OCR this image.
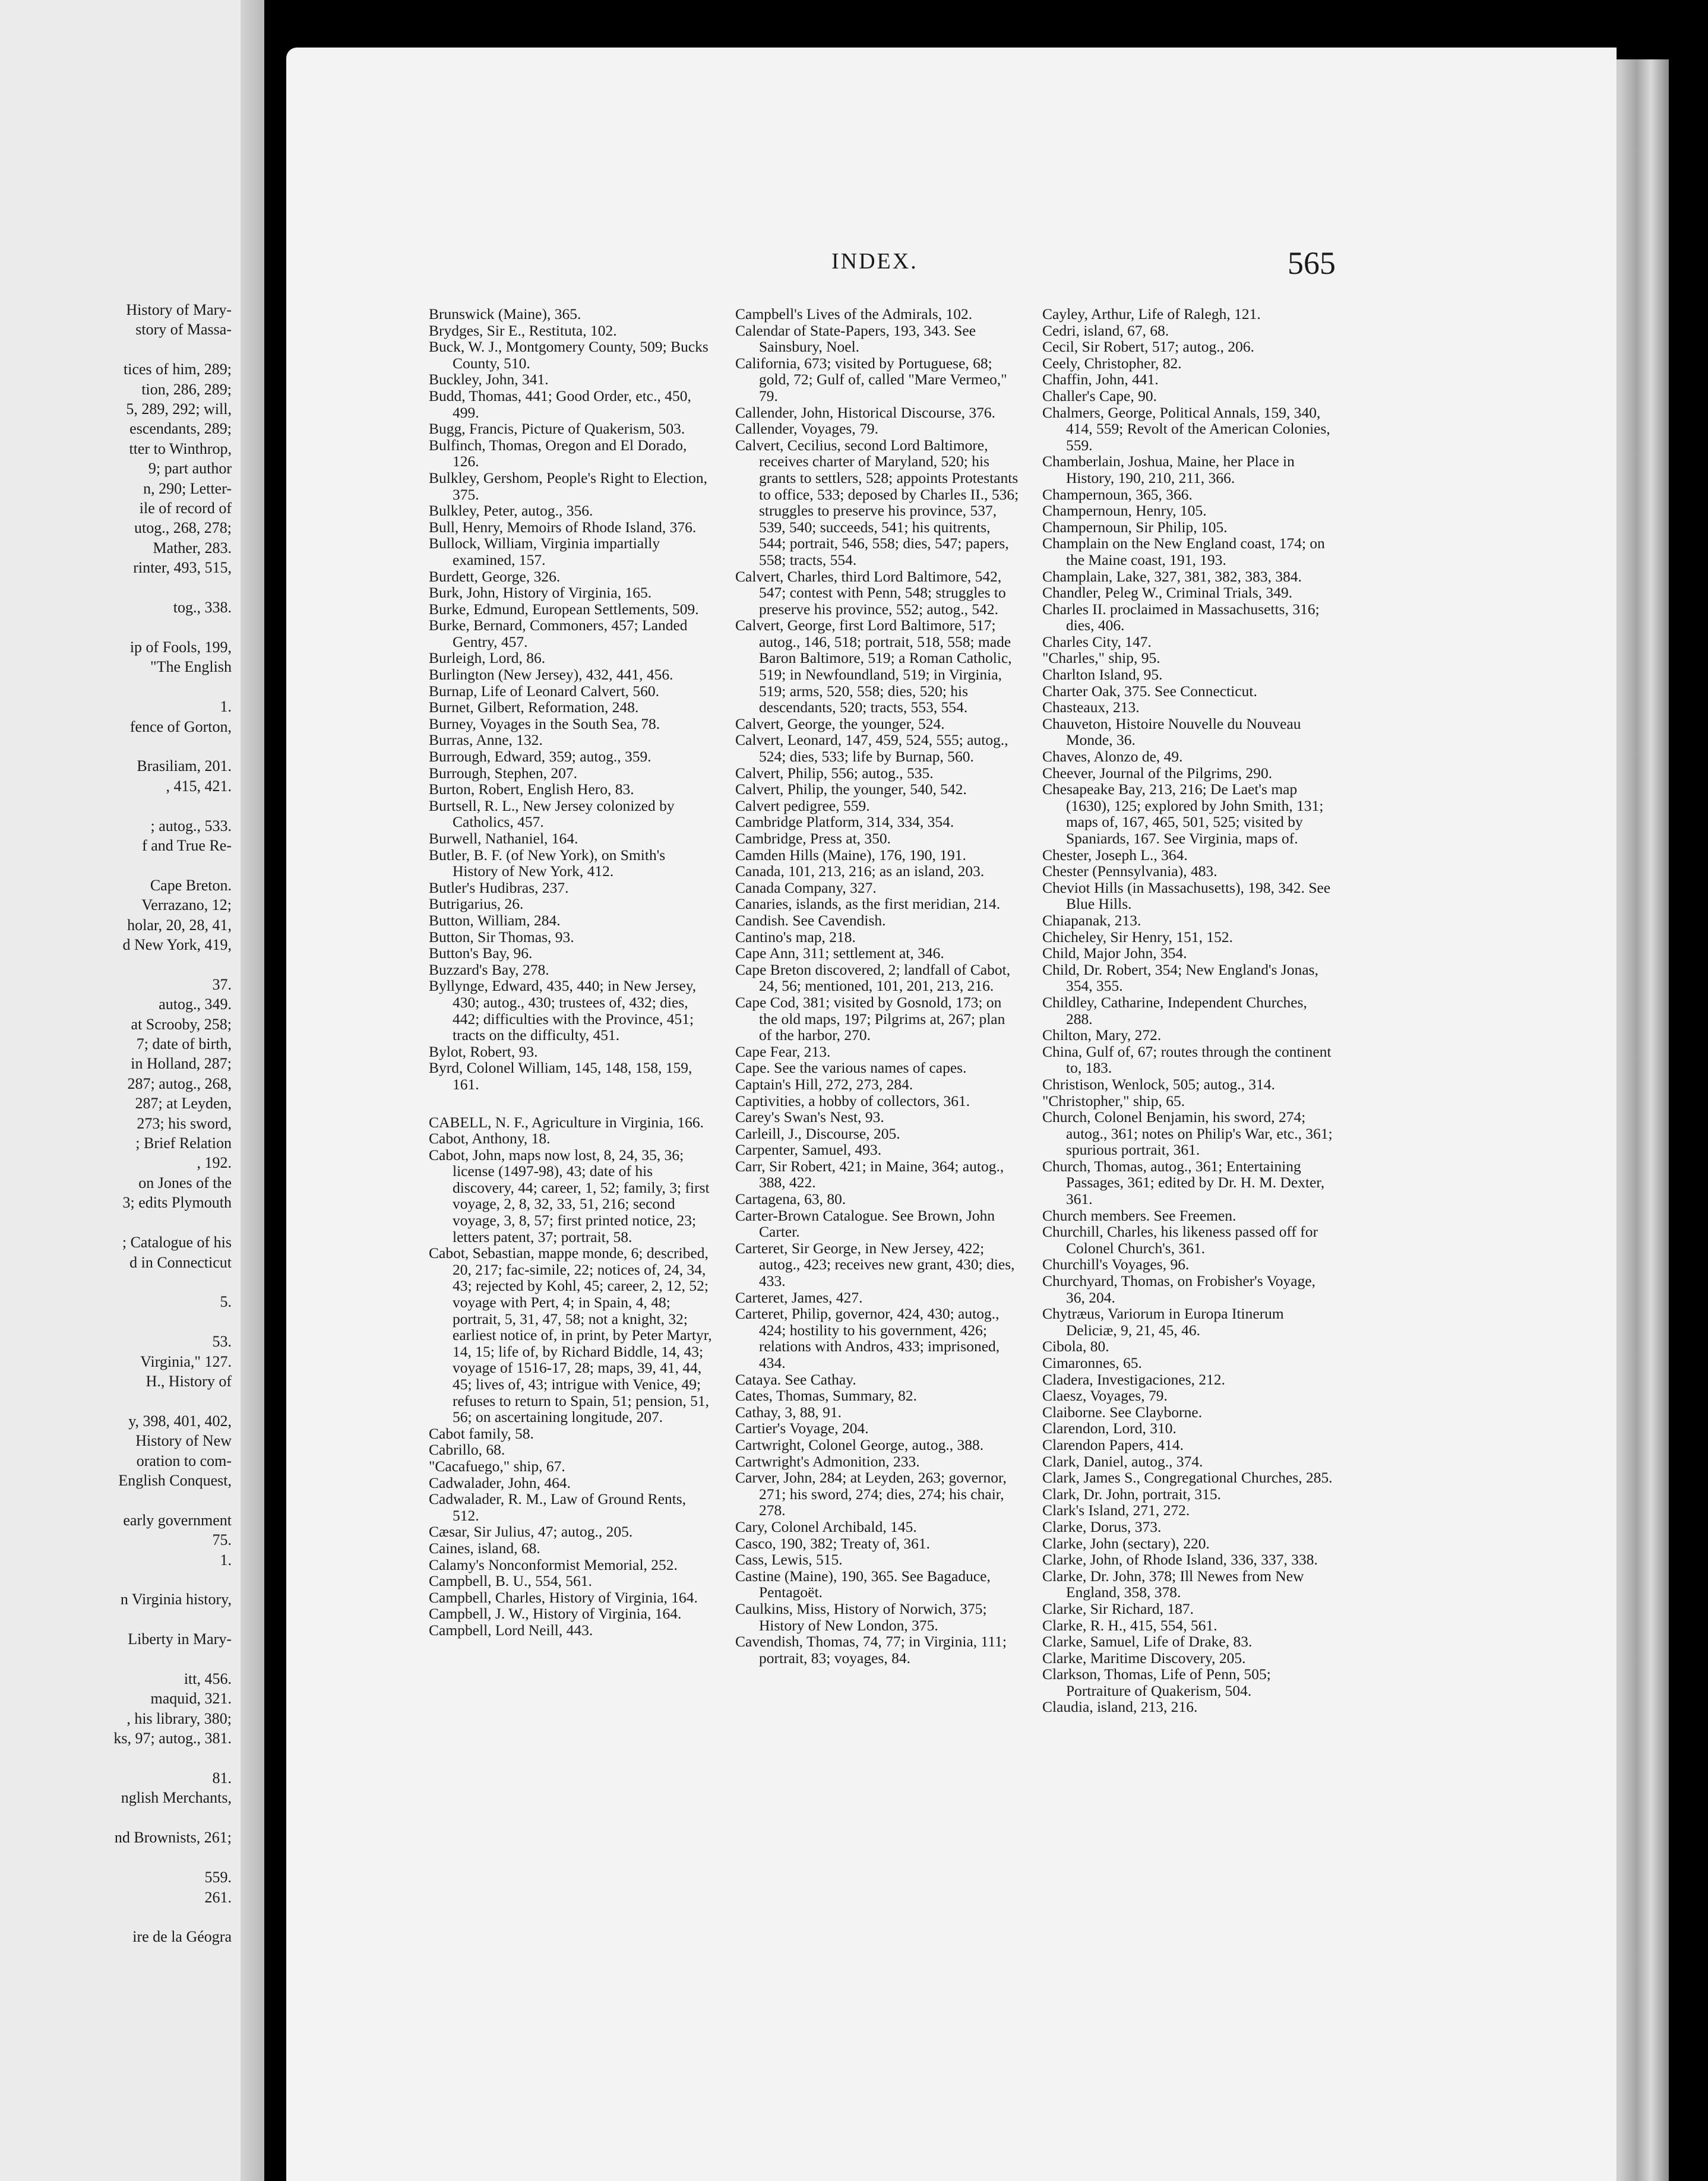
History of Mary-
story of Massa-

tices of him, 289;
tion, 286, 289;
5, 289, 292; will,
escendants, 289;
tter to Winthrop,
9; part author
n, 290; Letter-
ile of record of
utog., 268, 278;
Mather, 283.
rinter, 493, 515,

tog., 338.

ip of Fools, 199,
"The English

1.
fence of Gorton,

Brasiliam, 201.
, 415, 421.

; autog., 533.
f and True Re-

Cape Breton.
Verrazano, 12;
holar, 20, 28, 41,
d New York, 419,

37.
autog., 349.
at Scrooby, 258;
7; date of birth,
in Holland, 287;
287; autog., 268,
287; at Leyden,
273; his sword,
; Brief Relation
, 192.
on Jones of the
3; edits Plymouth

; Catalogue of his
d in Connecticut

5.

53.
Virginia," 127.
H., History of

y, 398, 401, 402,
History of New
oration to com-
English Conquest,

early government
75.
1.

n Virginia history,

Liberty in Mary-

itt, 456.
maquid, 321.
, his library, 380;
ks, 97; autog., 381.

81.
nglish Merchants,

nd Brownists, 261;

559.
261.

ire de la Géogra
INDEX.	565

Brunswick (Maine), 365.

Brydges, Sir E., Restituta, 102.

Buck, W. J., Montgomery County, 509; Bucks County, 510.

Buckley, John, 341.

Budd, Thomas, 441; Good Order, etc., 450, 499.

Bugg, Francis, Picture of Quakerism, 503.

Bulfinch, Thomas, Oregon and El Dorado, 126.

Bulkley, Gershom, People's Right to Election, 375.

Bulkley, Peter, autog., 356.

Bull, Henry, Memoirs of Rhode Island, 376.

Bullock, William, Virginia impartially examined, 157.

Burdett, George, 326.

Burk, John, History of Virginia, 165.

Burke, Edmund, European Settlements, 509.

Burke, Bernard, Commoners, 457; Landed Gentry, 457.

Burleigh, Lord, 86.

Burlington (New Jersey), 432, 441, 456.

Burnap, Life of Leonard Calvert, 560.

Burnet, Gilbert, Reformation, 248.

Burney, Voyages in the South Sea, 78.

Burras, Anne, 132.

Burrough, Edward, 359; autog., 359.

Burrough, Stephen, 207.

Burton, Robert, English Hero, 83.

Burtsell, R. L., New Jersey colonized by Catholics, 457.

Burwell, Nathaniel, 164.

Butler, B. F. (of New York), on Smith's History of New York, 412.

Butler's Hudibras, 237.

Butrigarius, 26.

Button, William, 284.

Button, Sir Thomas, 93.

Button's Bay, 96.

Buzzard's Bay, 278.

Byllynge, Edward, 435, 440; in New Jersey, 430; autog., 430; trustees of, 432; dies, 442; difficulties with the Province, 451; tracts on the difficulty, 451.

Bylot, Robert, 93.

Byrd, Colonel William, 145, 148, 158, 159, 161.

CABELL, N. F., Agriculture in Virginia, 166.

Cabot, Anthony, 18.

Cabot, John, maps now lost, 8, 24, 35, 36; license (1497-98), 43; date of his discovery, 44; career, 1, 52; family, 3; first voyage, 2, 8, 32, 33, 51, 216; second voyage, 3, 8, 57; first printed notice, 23; letters patent, 37; portrait, 58.

Cabot, Sebastian, mappe monde, 6; described, 20, 217; fac-simile, 22; notices of, 24, 34, 43; rejected by Kohl, 45; career, 2, 12, 52; voyage with Pert, 4; in Spain, 4, 48; portrait, 5, 31, 47, 58; not a knight, 32; earliest notice of, in print, by Peter Martyr, 14, 15; life of, by Richard Biddle, 14, 43; voyage of 1516-17, 28; maps, 39, 41, 44, 45; lives of, 43; intrigue with Venice, 49; refuses to return to Spain, 51; pension, 51, 56; on ascertaining longitude, 207.

Cabot family, 58.

Cabrillo, 68.

"Cacafuego," ship, 67.

Cadwalader, John, 464.

Cadwalader, R. M., Law of Ground Rents, 512.

Cæsar, Sir Julius, 47; autog., 205.

Caines, island, 68.

Calamy's Nonconformist Memorial, 252.

Campbell, B. U., 554, 561.

Campbell, Charles, History of Virginia, 164.

Campbell, J. W., History of Virginia, 164.

Campbell, Lord Neill, 443.

Campbell's Lives of the Admirals, 102.

Calendar of State-Papers, 193, 343. See Sainsbury, Noel.

California, 673; visited by Portuguese, 68; gold, 72; Gulf of, called "Mare Vermeo," 79.

Callender, John, Historical Discourse, 376.

Callender, Voyages, 79.

Calvert, Cecilius, second Lord Baltimore, receives charter of Maryland, 520; his grants to settlers, 528; appoints Protestants to office, 533; deposed by Charles II., 536; struggles to preserve his province, 537, 539, 540; succeeds, 541; his quitrents, 544; portrait, 546, 558; dies, 547; papers, 558; tracts, 554.

Calvert, Charles, third Lord Baltimore, 542, 547; contest with Penn, 548; struggles to preserve his province, 552; autog., 542.

Calvert, George, first Lord Baltimore, 517; autog., 146, 518; portrait, 518, 558; made Baron Baltimore, 519; a Roman Catholic, 519; in Newfoundland, 519; in Virginia, 519; arms, 520, 558; dies, 520; his descendants, 520; tracts, 553, 554.

Calvert, George, the younger, 524.

Calvert, Leonard, 147, 459, 524, 555; autog., 524; dies, 533; life by Burnap, 560.

Calvert, Philip, 556; autog., 535.

Calvert, Philip, the younger, 540, 542.

Calvert pedigree, 559.

Cambridge Platform, 314, 334, 354.

Cambridge, Press at, 350.

Camden Hills (Maine), 176, 190, 191.

Canada, 101, 213, 216; as an island, 203.

Canada Company, 327.

Canaries, islands, as the first meridian, 214.

Candish. See Cavendish.

Cantino's map, 218.

Cape Ann, 311; settlement at, 346.

Cape Breton discovered, 2; landfall of Cabot, 24, 56; mentioned, 101, 201, 213, 216.

Cape Cod, 381; visited by Gosnold, 173; on the old maps, 197; Pilgrims at, 267; plan of the harbor, 270.

Cape Fear, 213.

Cape. See the various names of capes.

Captain's Hill, 272, 273, 284.

Captivities, a hobby of collectors, 361.

Carey's Swan's Nest, 93.

Carleill, J., Discourse, 205.

Carpenter, Samuel, 493.

Carr, Sir Robert, 421; in Maine, 364; autog., 388, 422.

Cartagena, 63, 80.

Carter-Brown Catalogue. See Brown, John Carter.

Carteret, Sir George, in New Jersey, 422; autog., 423; receives new grant, 430; dies, 433.

Carteret, James, 427.

Carteret, Philip, governor, 424, 430; autog., 424; hostility to his government, 426; relations with Andros, 433; imprisoned, 434.

Cataya. See Cathay.

Cates, Thomas, Summary, 82.

Cathay, 3, 88, 91.

Cartier's Voyage, 204.

Cartwright, Colonel George, autog., 388.

Cartwright's Admonition, 233.

Carver, John, 284; at Leyden, 263; governor, 271; his sword, 274; dies, 274; his chair, 278.

Cary, Colonel Archibald, 145.

Casco, 190, 382; Treaty of, 361.

Cass, Lewis, 515.

Castine (Maine), 190, 365. See Bagaduce, Pentagoët.

Caulkins, Miss, History of Norwich, 375; History of New London, 375.

Cavendish, Thomas, 74, 77; in Virginia, 111; portrait, 83; voyages, 84.

Cayley, Arthur, Life of Ralegh, 121.

Cedri, island, 67, 68.

Cecil, Sir Robert, 517; autog., 206.

Ceely, Christopher, 82.

Chaffin, John, 441.

Challer's Cape, 90.

Chalmers, George, Political Annals, 159, 340, 414, 559; Revolt of the American Colonies, 559.

Chamberlain, Joshua, Maine, her Place in History, 190, 210, 211, 366.

Champernoun, 365, 366.

Champernoun, Henry, 105.

Champernoun, Sir Philip, 105.

Champlain on the New England coast, 174; on the Maine coast, 191, 193.

Champlain, Lake, 327, 381, 382, 383, 384.

Chandler, Peleg W., Criminal Trials, 349.

Charles II. proclaimed in Massachusetts, 316; dies, 406.

Charles City, 147.

"Charles," ship, 95.

Charlton Island, 95.

Charter Oak, 375. See Connecticut.

Chasteaux, 213.

Chauveton, Histoire Nouvelle du Nouveau Monde, 36.

Chaves, Alonzo de, 49.

Cheever, Journal of the Pilgrims, 290.

Chesapeake Bay, 213, 216; De Laet's map (1630), 125; explored by John Smith, 131; maps of, 167, 465, 501, 525; visited by Spaniards, 167. See Virginia, maps of.

Chester, Joseph L., 364.

Chester (Pennsylvania), 483.

Cheviot Hills (in Massachusetts), 198, 342. See Blue Hills.

Chiapanak, 213.

Chicheley, Sir Henry, 151, 152.

Child, Major John, 354.

Child, Dr. Robert, 354; New England's Jonas, 354, 355.

Childley, Catharine, Independent Churches, 288.

Chilton, Mary, 272.

China, Gulf of, 67; routes through the continent to, 183.

Christison, Wenlock, 505; autog., 314.

"Christopher," ship, 65.

Church, Colonel Benjamin, his sword, 274; autog., 361; notes on Philip's War, etc., 361; spurious portrait, 361.

Church, Thomas, autog., 361; Entertaining Passages, 361; edited by Dr. H. M. Dexter, 361.

Church members. See Freemen.

Churchill, Charles, his likeness passed off for Colonel Church's, 361.

Churchill's Voyages, 96.

Churchyard, Thomas, on Frobisher's Voyage, 36, 204.

Chytræus, Variorum in Europa Itinerum Deliciæ, 9, 21, 45, 46.

Cibola, 80.

Cimaronnes, 65.

Cladera, Investigaciones, 212.

Claesz, Voyages, 79.

Claiborne. See Clayborne.

Clarendon, Lord, 310.

Clarendon Papers, 414.

Clark, Daniel, autog., 374.

Clark, James S., Congregational Churches, 285.

Clark, Dr. John, portrait, 315.

Clark's Island, 271, 272.

Clarke, Dorus, 373.

Clarke, John (sectary), 220.

Clarke, John, of Rhode Island, 336, 337, 338.

Clarke, Dr. John, 378; Ill Newes from New England, 358, 378.

Clarke, Sir Richard, 187.

Clarke, R. H., 415, 554, 561.

Clarke, Samuel, Life of Drake, 83.

Clarke, Maritime Discovery, 205.

Clarkson, Thomas, Life of Penn, 505; Portraiture of Quakerism, 504.

Claudia, island, 213, 216.
